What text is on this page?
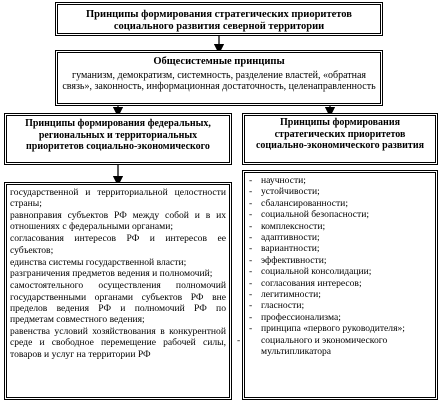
Принципы формирования стратегических приоритетов
социального развития северной территории
Общесистемные принципы
гуманизм, демократизм, системность, разделение властей, «обратная
связь», законность, информационная достаточность, целенаправленность
Принципы формирования федеральных,
региональных и территориальных
приоритетов социально-экономического
Принципы формирования
стратегических приоритетов
социально-экономического развития
государственной и территориальной целостности страны;
равноправия субъектов РФ между собой и в их отношениях с федеральными органами;
согласования интересов РФ и интересов ее субъектов;
единства системы государственной власти;
разграничения предметов ведения и полномочий;
самостоятельного осуществления полномочий государственными органами субъектов РФ вне пределов ведения РФ и полномочий РФ по предметам совместного ведения;
равенства условий хозяйствования в конкурентной среде и свободное перемещение рабочей силы, товаров и услуг на территории РФ
- научности;
- устойчивости;
- сбалансированности;
- социальной безопасности;
- комплексности;
- адаптивности;
- вариантности;
- эффективности;
- социальной консолидации;
- согласования интересов;
- легитимности;
- гласности;
- профессионализма;
- принципа «первого руководителя»;
- социального и экономического мультипликатора
